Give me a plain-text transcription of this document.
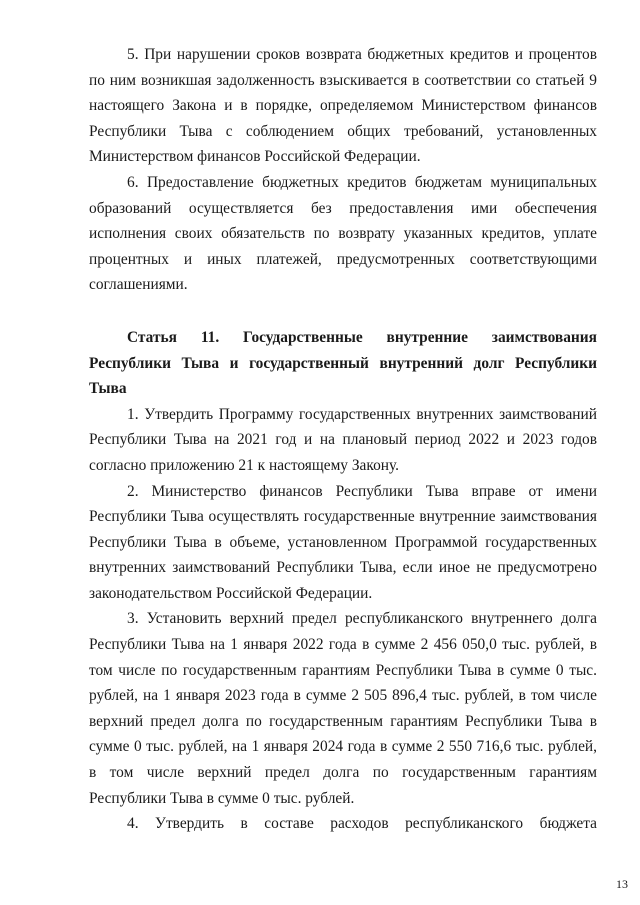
5. При нарушении сроков возврата бюджетных кредитов и процентов по ним возникшая задолженность взыскивается в соответствии со статьей 9 настоящего Закона и в порядке, определяемом Министерством финансов Республики Тыва с соблюдением общих требований, установленных Министерством финансов Российской Федерации.

6. Предоставление бюджетных кредитов бюджетам муниципальных образований осуществляется без предоставления ими обеспечения исполнения своих обязательств по возврату указанных кредитов, уплате процентных и иных платежей, предусмотренных соответствующими соглашениями.

Статья 11. Государственные внутренние заимствования Республики Тыва и государственный внутренний долг Республики Тыва

1. Утвердить Программу государственных внутренних заимствований Республики Тыва на 2021 год и на плановый период 2022 и 2023 годов согласно приложению 21 к настоящему Закону.

2. Министерство финансов Республики Тыва вправе от имени Республики Тыва осуществлять государственные внутренние заимствования Республики Тыва в объеме, установленном Программой государственных внутренних заимствований Республики Тыва, если иное не предусмотрено законодательством Российской Федерации.

3. Установить верхний предел республиканского внутреннего долга Республики Тыва на 1 января 2022 года в сумме 2 456 050,0 тыс. рублей, в том числе по государственным гарантиям Республики Тыва в сумме 0 тыс. рублей, на 1 января 2023 года в сумме 2 505 896,4 тыс. рублей, в том числе верхний предел долга по государственным гарантиям Республики Тыва в сумме 0 тыс. рублей, на 1 января 2024 года в сумме 2 550 716,6 тыс. рублей, в том числе верхний предел долга по государственным гарантиям Республики Тыва в сумме 0 тыс. рублей.

4. Утвердить в составе расходов республиканского бюджета

13
